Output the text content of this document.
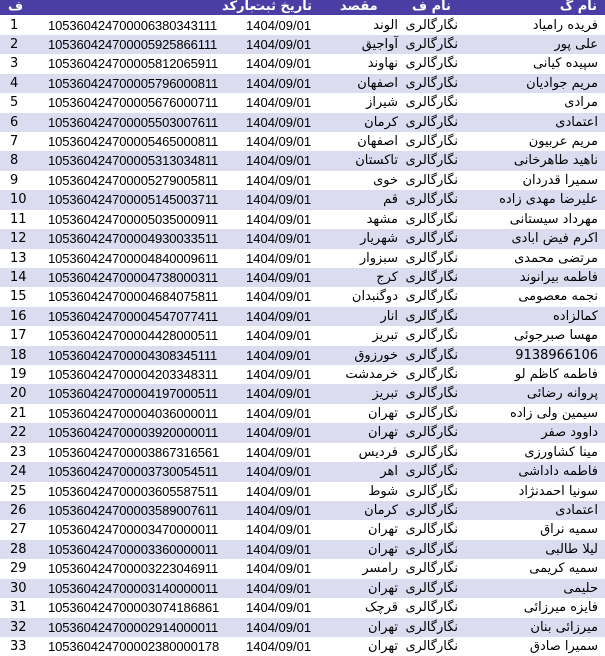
ف	بارکد
تاریخ ثبت مقصد	نام ف	نام گ
1	105360424700006380343111 1404/09/01	الوند نگارگالری	فریده رامیاد
2	105360424700005925866111 1404/09/01	آواجیق نگارگالری	علی پور
3	105360424700005812065911 1404/09/01	نهاوند نگارگالری	سپیده کیانی
4	105360424700005796000811 1404/09/01	اصفهان نگارگالری	مریم جوادیان
5	105360424700005676000711 1404/09/01	شیراز نگارگالری	مرادی
6	105360424700005503007611 1404/09/01	کرمان نگارگالری	اعتمادی
7	105360424700005465000811 1404/09/01	اصفهان نگارگالری	مریم عربیون
8	105360424700005313034811 1404/09/01	تاکستان نگارگالری	ناهید طاهرخانی
9	105360424700005279005811 1404/09/01	خوی نگارگالری	سمیرا قدردان
10 105360424700005145003711 1404/09/01	قم نگارگالری	علیرضا مهدی زاده
11 105360424700005035000911 1404/09/01	مشهد نگارگالری	مهرداد سیستانی
12 105360424700004930033511 1404/09/01	شهریار نگارگالری	اکرم فیض ابادی
13 105360424700004840009611 1404/09/01	سبزوار نگارگالری	مرتضی محمدی
14 105360424700004738000311 1404/09/01	کرج نگارگالری	فاطمه بیرانوند
15 105360424700004684075811 1404/09/01	دوگنبدان نگارگالری	نجمه معصومی
16 105360424700004547077411 1404/09/01	انار نگارگالری	کمالزاده
17 105360424700004428000511 1404/09/01	تبریز نگارگالری	مهسا صبرجوئی
18 105360424700004308345111 1404/09/01	خورزوق نگارگالری	9138966106
19 105360424700004203348311 1404/09/01	خرمدشت نگارگالری	فاطمه کاظم لو
20 105360424700004197000511 1404/09/01	تبریز نگارگالری	پروانه رضائی
21 105360424700004036000011 1404/09/01	تهران نگارگالری	سیمین ولی زاده
22 105360424700003920000011 1404/09/01	تهران نگارگالری	داوود صفر
23 105360424700003867316561 1404/09/01	فردیس نگارگالری	مینا کشاورزی
24 105360424700003730054511 1404/09/01	اهر نگارگالری	فاطمه داداشی
25 105360424700003605587511 1404/09/01	شوط نگارگالری	سونیا احمدنژاد
26 105360424700003589007611 1404/09/01	کرمان نگارگالری	اعتمادی
27 105360424700003470000011 1404/09/01	تهران نگارگالری	سمیه نراق
28 105360424700003360000011 1404/09/01	تهران نگارگالری	لیلا طالبی
29 105360424700003223046911 1404/09/01	رامسر نگارگالری	سمیه کریمی
30 105360424700003140000011 1404/09/01	تهران نگارگالری	حلیمی
31 105360424700003074186861 1404/09/01	قرچک نگارگالری	فایزه میرزائی
32 105360424700002914000011 1404/09/01	تهران نگارگالری	میرزائی بنان
33 105360424700002380000178 1404/09/01	تهران نگارگالری	سمیرا صادق
